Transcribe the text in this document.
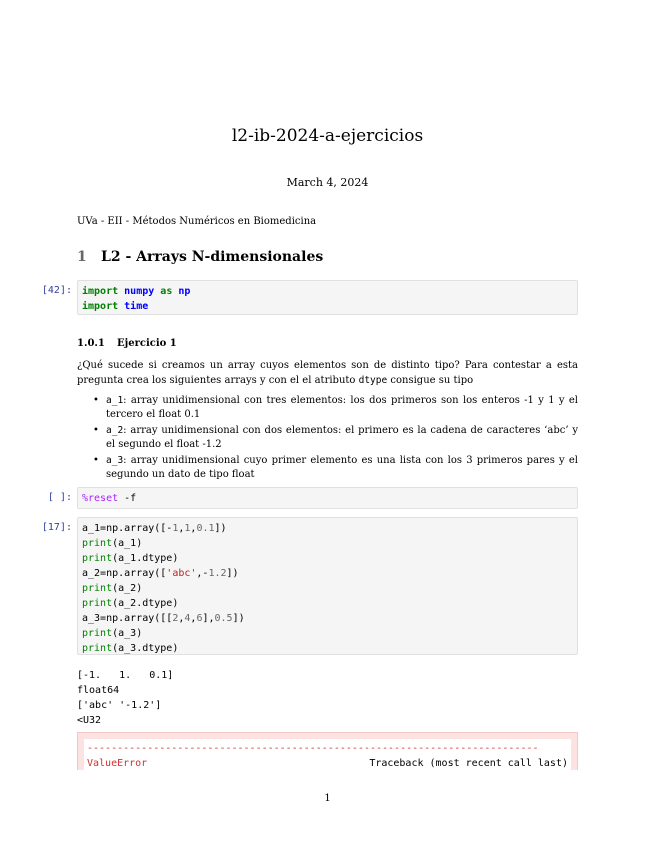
l2-ib-2024-a-ejercicios
March 4, 2024
UVa - EII - Métodos Numéricos en Biomedicina
1 L2 - Arrays N-dimensionales
[42]:	import numpy as np
import time
1.0.1 Ejercicio 1
¿Qué sucede si creamos un array cuyos elementos son de distinto tipo? Para contestar a esta pregunta crea los siguientes arrays y con el el atributo dtype consigue su tipo
• a_1: array unidimensional con tres elementos: los dos primeros son los enteros -1 y 1 y el tercero el float 0.1
• a_2: array unidimensional con dos elementos: el primero es la cadena de caracteres ‘abc’ y el segundo el float -1.2
• a_3: array unidimensional cuyo primer elemento es una lista con los 3 primeros pares y el segundo un dato de tipo float
[ ]:	%reset -f
[17]:	a_1=np.array([-1,1,0.1])
print(a_1)
print(a_1.dtype)
a_2=np.array(['abc',-1.2])
print(a_2)
print(a_2.dtype)
a_3=np.array([[2,4,6],0.5])
print(a_3)
print(a_3.dtype)
[-1.   1.   0.1]
float64
['abc' '-1.2']
<U32
---------------------------------------------------------------------------
ValueError	Traceback (most recent call last)
1
